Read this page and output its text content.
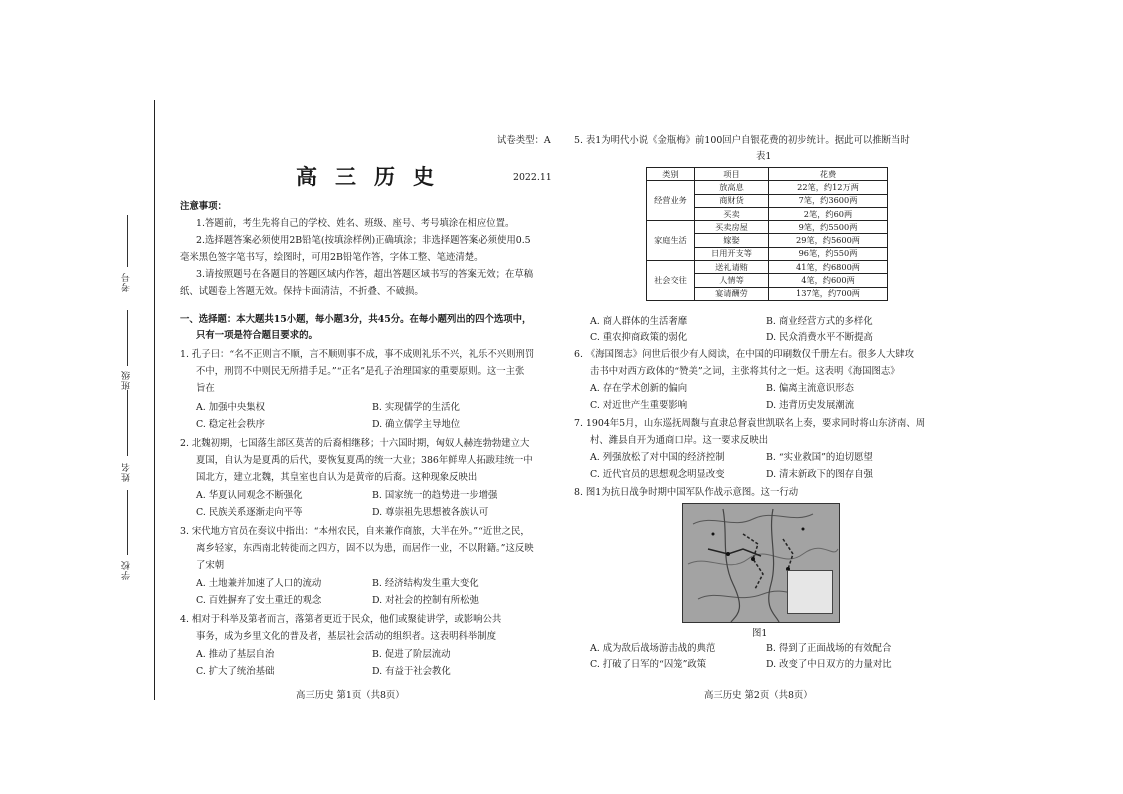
学校
姓名
班级
考号
试卷类型：A
高三历史	2022.11
注意事项：
1.答题前，考生先将自己的学校、姓名、班级、座号、考号填涂在相应位置。
2.选择题答案必须使用2B铅笔(按填涂样例)正确填涂；非选择题答案必须使用0.5
毫米黑色签字笔书写，绘图时，可用2B铅笔作答，字体工整、笔迹清楚。
3.请按照题号在各题目的答题区域内作答，超出答题区域书写的答案无效；在草稿
纸、试题卷上答题无效。保持卡面清洁，不折叠、不破损。
一、选择题：本大题共15小题，每小题3分，共45分。在每小题列出的四个选项中，
只有一项是符合题目要求的。
1. 孔子曰：“名不正则言不顺，言不顺则事不成，事不成则礼乐不兴，礼乐不兴则刑罚
不中，刑罚不中则民无所措手足。”“正名”是孔子治理国家的重要原则。这一主张
旨在
A. 加强中央集权	B. 实现儒学的生活化
C. 稳定社会秩序	D. 确立儒学主导地位
2. 北魏初期，七国落生部区莫苦的后裔相继移；十六国时期，匈奴人赫连勃勃建立大
夏国，自认为是夏禹的后代，要恢复夏禹的统一大业；386年鲜卑人拓跋珪统一中
国北方，建立北魏，其皇室也自认为是黄帝的后裔。这种现象反映出
A. 华夏认同观念不断强化	B. 国家统一的趋势进一步增强
C. 民族关系逐渐走向平等	D. 尊崇祖先思想被各族认可
3. 宋代地方官员在奏议中指出：“本州农民，自来兼作商旅，大半在外。”“近世之民，
离乡轻家，东西南北转徙而之四方，固不以为患，而居作一业，不以附籍。”这反映
了宋朝
A. 土地兼并加速了人口的流动	B. 经济结构发生重大变化
C. 百姓摒弃了安土重迁的观念	D. 对社会的控制有所松弛
4. 相对于科举及第者而言，落第者更近于民众，他们或聚徒讲学，或影响公共
事务，成为乡里文化的普及者，基层社会活动的组织者。这表明科举制度
A. 推动了基层自治	B. 促进了阶层流动
C. 扩大了统治基础	D. 有益于社会教化
高三历史 第1页（共8页）
5. 表1为明代小说《金瓶梅》前100回户自银花费的初步统计。据此可以推断当时
表1
类别	项目	花费
经营业务	放高息	22笔，约12万两
	商财货	7笔，约3600两
	买卖	2笔，约60两
家庭生活	买卖房屋	9笔，约5500两
	嫁娶	29笔，约5600两
	日用开支等	96笔，约550两
社会交往	送礼请贿	41笔，约6800两
	人情等	4笔，约600两
	宴请酬劳	137笔，约700两
A. 商人群体的生活奢靡	B. 商业经营方式的多样化
C. 重农抑商政策的弱化	D. 民众消费水平不断提高
6. 《海国图志》问世后很少有人阅读，在中国的印刷数仅千册左右。很多人大肆攻
击书中对西方政体的“赞美”之词，主张将其付之一炬。这表明《海国图志》
A. 存在学术创新的偏向	B. 偏离主流意识形态
C. 对近世产生重要影响	D. 违背历史发展潮流
7. 1904年5月，山东巡抚周馥与直隶总督袁世凯联名上奏，要求同时将山东济南、周
村、潍县自开为通商口岸。这一要求反映出
A. 列强放松了对中国的经济控制	B. “实业救国”的迫切愿望
C. 近代官员的思想观念明显改变	D. 清末新政下的图存自强
8. 图1为抗日战争时期中国军队作战示意图。这一行动
图1
A. 成为敌后战场游击战的典范	B. 得到了正面战场的有效配合
C. 打破了日军的“囚笼”政策	D. 改变了中日双方的力量对比
高三历史 第2页（共8页）
